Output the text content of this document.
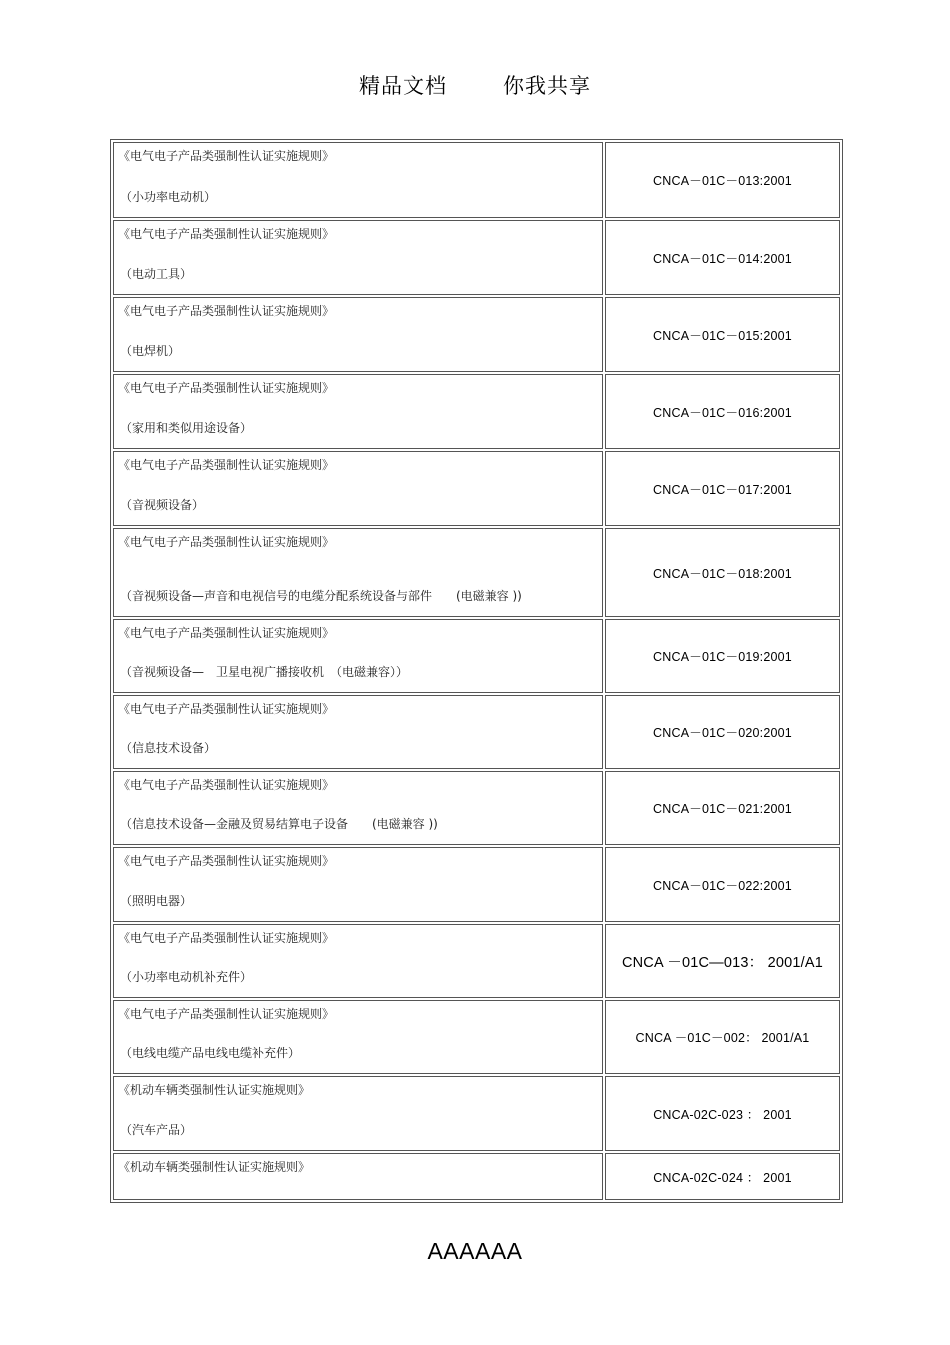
精品文档	你我共享
《电气电子产品类强制性认证实施规则》
（小功率电动机）	CNCA－01C－013:2001

《电气电子产品类强制性认证实施规则》
（电动工具）	CNCA－01C－014:2001

《电气电子产品类强制性认证实施规则》
（电焊机）	CNCA－01C－015:2001

《电气电子产品类强制性认证实施规则》
（家用和类似用途设备）	CNCA－01C－016:2001

《电气电子产品类强制性认证实施规则》
（音视频设备）	CNCA－01C－017:2001

《电气电子产品类强制性认证实施规则》
（音视频设备—声音和电视信号的电缆分配系统设备与部件　　(电磁兼容 ))	CNCA－01C－018:2001

《电气电子产品类强制性认证实施规则》
（音视频设备—　卫星电视广播接收机　（电磁兼容））	CNCA－01C－019:2001

《电气电子产品类强制性认证实施规则》
（信息技术设备）	CNCA－01C－020:2001

《电气电子产品类强制性认证实施规则》
（信息技术设备—金融及贸易结算电子设备　　(电磁兼容 ))	CNCA－01C－021:2001

《电气电子产品类强制性认证实施规则》
（照明电器）	CNCA－01C－022:2001

《电气电子产品类强制性认证实施规则》
（小功率电动机补充件）	CNCA －01C—013： 2001/A1

《电气电子产品类强制性认证实施规则》
（电线电缆产品电线电缆补充件）	CNCA －01C－002： 2001/A1

《机动车辆类强制性认证实施规则》
（汽车产品）	CNCA-02C-023 ： 2001

《机动车辆类强制性认证实施规则》	CNCA-02C-024 ： 2001
AAAAAA
